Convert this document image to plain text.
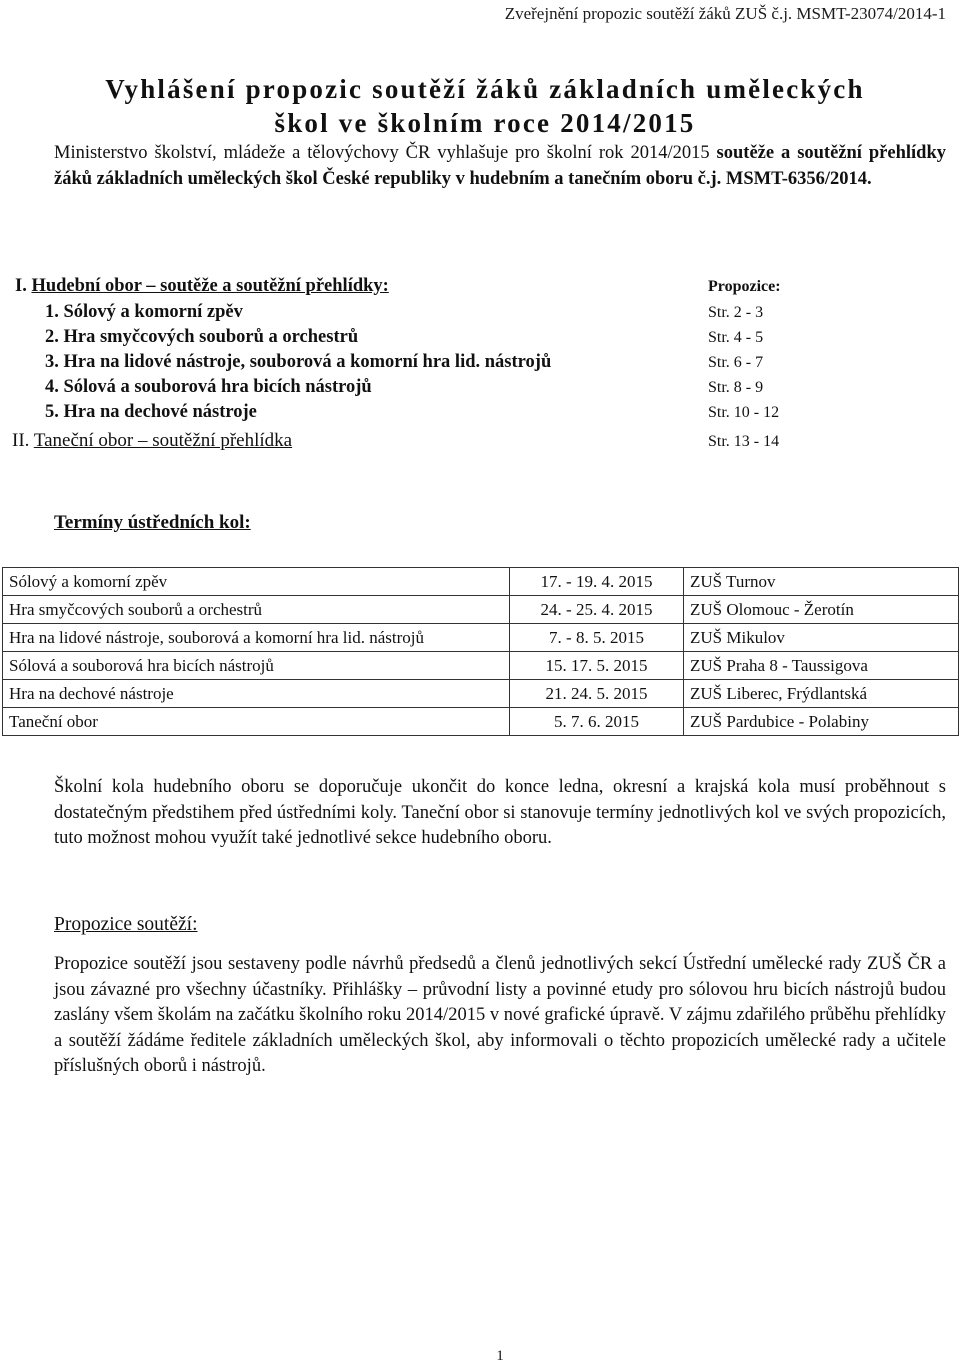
Zveřejnění propozic soutěží žáků ZUŠ č.j. MSMT-23074/2014-1
Vyhlášení propozic soutěží žáků základních uměleckých
škol ve školním roce 2014/2015
Ministerstvo školství, mládeže a tělovýchovy ČR vyhlašuje pro školní rok 2014/2015 soutěže a soutěžní přehlídky žáků základních uměleckých škol České republiky v hudebním a tanečním oboru č.j. MSMT-6356/2014.
I. Hudební obor – soutěže a soutěžní přehlídky:	Propozice:
1. Sólový a komorní zpěv	Str. 2 - 3
2. Hra smyčcových souborů a orchestrů	Str. 4 - 5
3. Hra na lidové nástroje, souborová a komorní hra lid. nástrojů	Str. 6 - 7
4. Sólová a souborová hra bicích nástrojů	Str. 8 - 9
5. Hra na dechové nástroje	Str. 10 - 12
II. Taneční obor – soutěžní přehlídka	Str. 13 - 14
Termíny ústředních kol:
Sólový a komorní zpěv	17. - 19. 4. 2015	ZUŠ Turnov
Hra smyčcových souborů a orchestrů	24. - 25. 4. 2015	ZUŠ Olomouc - Žerotín
Hra na lidové nástroje, souborová a komorní hra lid. nástrojů	7. - 8. 5. 2015	ZUŠ Mikulov
Sólová a souborová hra bicích nástrojů	15. 17. 5. 2015	ZUŠ Praha 8 - Taussigova
Hra na dechové nástroje	21. 24. 5. 2015	ZUŠ Liberec, Frýdlantská
Taneční obor	5. 7. 6. 2015	ZUŠ Pardubice - Polabiny
Školní kola hudebního oboru se doporučuje ukončit do konce ledna, okresní a krajská kola musí proběhnout s dostatečným předstihem před ústředními koly. Taneční obor si stanovuje termíny jednotlivých kol ve svých propozicích, tuto možnost mohou využít také jednotlivé sekce hudebního oboru.
Propozice soutěží:
Propozice soutěží jsou sestaveny podle návrhů předsedů a členů jednotlivých sekcí Ústřední umělecké rady ZUŠ ČR a jsou závazné pro všechny účastníky. Přihlášky – průvodní listy a povinné etudy pro sólovou hru bicích nástrojů budou zaslány všem školám na začátku školního roku 2014/2015 v nové grafické úpravě. V zájmu zdařilého průběhu přehlídky a soutěží žádáme ředitele základních uměleckých škol, aby informovali o těchto propozicích umělecké rady a učitele příslušných oborů i nástrojů.
1
